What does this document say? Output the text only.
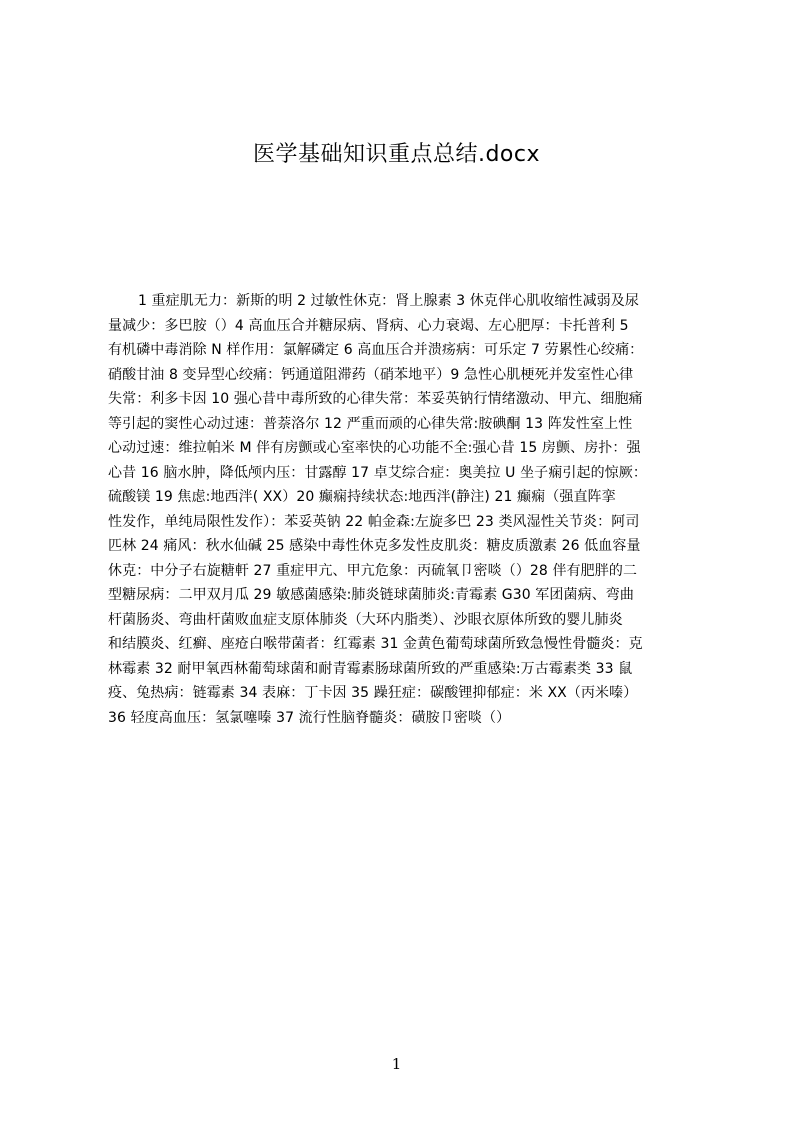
医学基础知识重点总结.docx
1 重症肌无力：新斯的明 2 过敏性休克：肾上腺素 3 休克伴心肌收缩性减弱及尿
量减少：多巴胺（）4 高血压合并糖尿病、肾病、心力衰竭、左心肥厚：卡托普利 5
有机磷中毒消除 N 样作用：氯解磷定 6 高血压合并溃疡病：可乐定 7 劳累性心绞痛：
硝酸甘油 8 变异型心绞痛：钙通道阻滞药（硝苯地平）9 急性心肌梗死并发室性心律
失常：利多卡因 10 强心昔中毒所致的心律失常：苯妥英钠行情绪激动、甲亢、细胞痛
等引起的窦性心动过速：普萘洛尔 12 严重而顽的心律失常:胺碘酮 13 阵发性室上性
心动过速：维拉帕米 M 伴有房颤或心室率快的心功能不全:强心昔 15 房颤、房扑：强
心昔 16 脑水肿，降低颅内压：甘露醇 17 卓艾综合症：奥美拉 U 坐子痫引起的惊厥：
硫酸镁 19 焦虑:地西泮( XX）20 癫痫持续状态:地西泮(静注) 21 癫痫（强直阵挛
性发作，单纯局限性发作）：苯妥英钠 22 帕金森:左旋多巴 23 类风湿性关节炎：阿司
匹林 24 痛风：秋水仙碱 25 感染中毒性休克多发性皮肌炎：糖皮质激素 26 低血容量
休克：中分子右旋糖軒 27 重症甲亢、甲亢危象：丙硫氧卩密啖（）28 伴有肥胖的二
型糖尿病：二甲双月瓜 29 敏感菌感染:肺炎链球菌肺炎:青霉素 G30 军团菌病、弯曲
杆菌肠炎、弯曲杆菌败血症支原体肺炎（大环内脂类）、沙眼衣原体所致的婴儿肺炎
和结膜炎、红癣、座疮白喉带菌者：红霉素 31 金黄色葡萄球菌所致急慢性骨髓炎：克
林霉素 32 耐甲氧西林葡萄球菌和耐青霉素肠球菌所致的严重感染:万古霉素类 33 鼠
疫、兔热病：链霉素 34 表麻：丁卡因 35 躁狂症：碳酸锂抑郁症：米 XX（丙米嗪）
36 轻度高血压：氢氯噻嗪 37 流行性脑脊髓炎：磺胺卩密啖（）
1
